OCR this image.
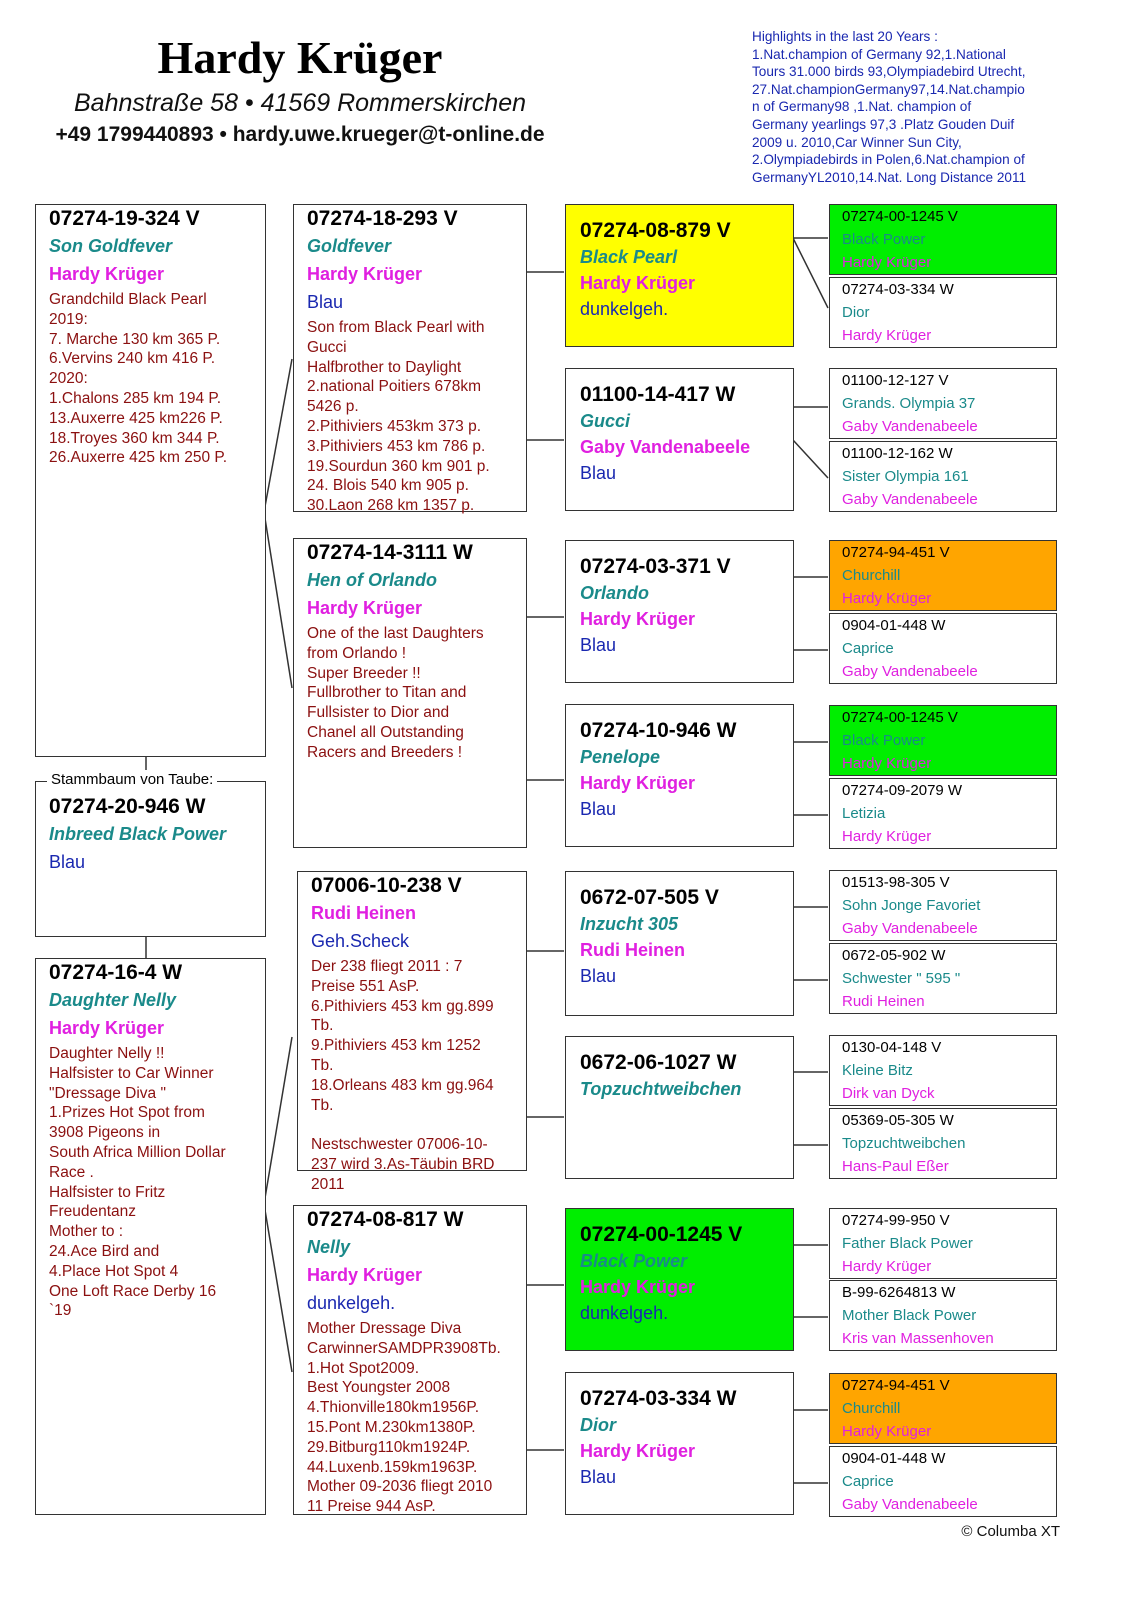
Hardy Krüger
Bahnstraße 58 • 41569 Rommerskirchen
+49 1799440893 • hardy.uwe.krueger@t-online.de
Highlights in the last 20 Years :
1.Nat.champion of Germany 92,1.National
Tours 31.000 birds 93,Olympiadebird Utrecht,
27.Nat.championGermany97,14.Nat.champio
n of Germany98 ,1.Nat. champion of
Germany yearlings 97,3 .Platz Gouden Duif
2009 u. 2010,Car Winner Sun City,
2.Olympiadebirds in Polen,6.Nat.champion of
GermanyYL2010,14.Nat. Long Distance 2011
07274-19-324 V
Son Goldfever
Hardy Krüger
Grandchild Black Pearl
2019:
7. Marche 130 km 365 P.
6.Vervins 240 km 416 P.
2020:
1.Chalons 285 km 194 P.
13.Auxerre 425 km226 P.
18.Troyes 360 km 344 P.
26.Auxerre 425 km 250 P.
07274-20-946 W
Inbreed Black Power
Blau
Stammbaum von Taube:
07274-16-4 W
Daughter Nelly
Hardy Krüger
Daughter Nelly !!
Halfsister to Car Winner
"Dressage Diva "
1.Prizes Hot Spot from
3908 Pigeons in
South Africa Million Dollar
Race .
Halfsister to Fritz
Freudentanz
Mother to :
24.Ace Bird and
4.Place Hot Spot 4
One Loft Race Derby 16
`19
07274-18-293 V
Goldfever
Hardy Krüger
Blau
Son from Black Pearl with
Gucci
Halfbrother to Daylight
2.national Poitiers 678km
5426 p.
2.Pithiviers 453km 373 p.
3.Pithiviers 453 km 786 p.
19.Sourdun 360 km 901 p.
24. Blois 540 km 905 p.
30.Laon 268 km 1357 p.
07274-14-3111 W
Hen of Orlando
Hardy Krüger
One of the last Daughters
from Orlando !
Super Breeder !!
Fullbrother to Titan and
Fullsister to Dior and
Chanel all Outstanding
Racers and Breeders !
07006-10-238 V
Rudi Heinen
Geh.Scheck
Der 238 fliegt 2011 : 7
Preise 551 AsP.
6.Pithiviers 453 km gg.899
Tb.
9.Pithiviers 453 km 1252
Tb.
18.Orleans 483 km gg.964
Tb.

Nestschwester 07006-10-
237 wird 3.As-Täubin BRD
2011
07274-08-817 W
Nelly
Hardy Krüger
dunkelgeh.
Mother Dressage Diva
CarwinnerSAMDPR3908Tb.
1.Hot Spot2009.
Best Youngster 2008
4.Thionville180km1956P.
15.Pont M.230km1380P.
29.Bitburg110km1924P.
44.Luxenb.159km1963P.
Mother 09-2036 fliegt 2010
11 Preise 944 AsP.
07274-08-879 V
Black Pearl
Hardy Krüger
dunkelgeh.
01100-14-417 W
Gucci
Gaby Vandenabeele
Blau
07274-03-371 V
Orlando
Hardy Krüger
Blau
07274-10-946 W
Penelope
Hardy Krüger
Blau
0672-07-505 V
Inzucht 305
Rudi Heinen
Blau
0672-06-1027 W
Topzuchtweibchen
07274-00-1245 V
Black Power
Hardy Krüger
dunkelgeh.
07274-03-334 W
Dior
Hardy Krüger
Blau
07274-00-1245 V
Black Power
Hardy Krüger
07274-03-334 W
Dior
Hardy Krüger
01100-12-127 V
Grands. Olympia 37
Gaby Vandenabeele
01100-12-162 W
Sister Olympia 161
Gaby Vandenabeele
07274-94-451 V
Churchill
Hardy Krüger
0904-01-448 W
Caprice
Gaby Vandenabeele
07274-00-1245 V
Black Power
Hardy Krüger
07274-09-2079 W
Letizia
Hardy Krüger
01513-98-305 V
Sohn Jonge Favoriet
Gaby Vandenabeele
0672-05-902 W
Schwester " 595 "
Rudi Heinen
0130-04-148 V
Kleine Bitz
Dirk van Dyck
05369-05-305 W
Topzuchtweibchen
Hans-Paul Eßer
07274-99-950 V
Father Black Power
Hardy Krüger
B-99-6264813 W
Mother Black Power
Kris van Massenhoven
07274-94-451 V
Churchill
Hardy Krüger
0904-01-448 W
Caprice
Gaby Vandenabeele
© Columba XT
